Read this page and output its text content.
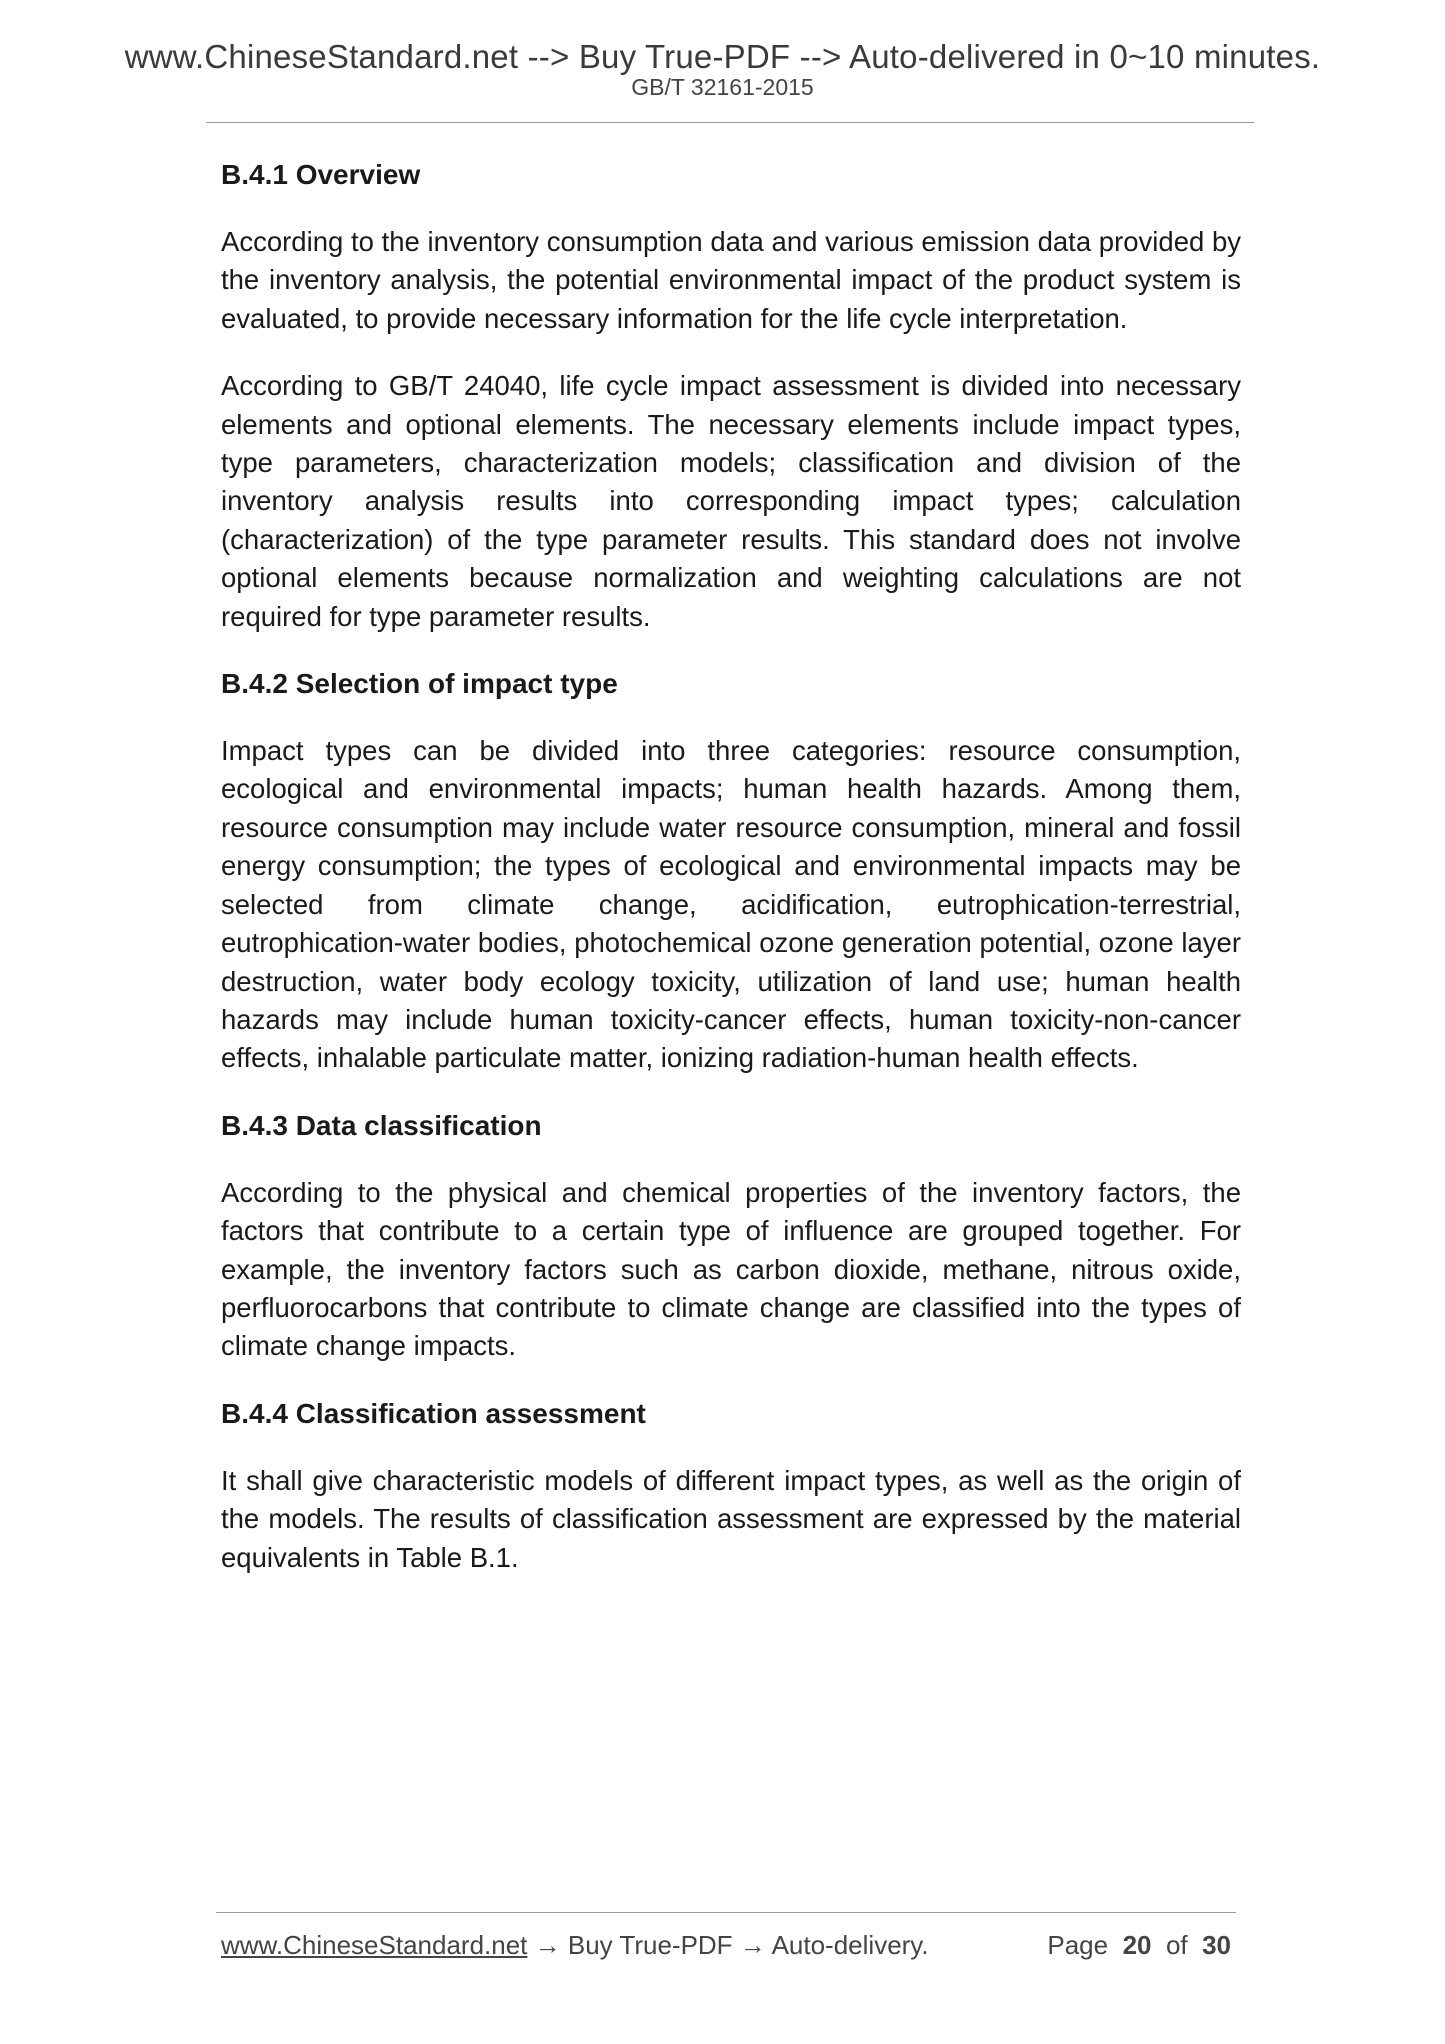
www.ChineseStandard.net --> Buy True-PDF --> Auto-delivered in 0~10 minutes.
GB/T 32161-2015
B.4.1 Overview

According to the inventory consumption data and various emission data provided by the inventory analysis, the potential environmental impact of the product system is evaluated, to provide necessary information for the life cycle interpretation.

According to GB/T 24040, life cycle impact assessment is divided into necessary elements and optional elements. The necessary elements include impact types, type parameters, characterization models; classification and division of the inventory analysis results into corresponding impact types; calculation (characterization) of the type parameter results. This standard does not involve optional elements because normalization and weighting calculations are not required for type parameter results.

B.4.2 Selection of impact type

Impact types can be divided into three categories: resource consumption, ecological and environmental impacts; human health hazards. Among them, resource consumption may include water resource consumption, mineral and fossil energy consumption; the types of ecological and environmental impacts may be selected from climate change, acidification, eutrophication-terrestrial, eutrophication-water bodies, photochemical ozone generation potential, ozone layer destruction, water body ecology toxicity, utilization of land use; human health hazards may include human toxicity-cancer effects, human toxicity-non-cancer effects, inhalable particulate matter, ionizing radiation-human health effects.

B.4.3 Data classification

According to the physical and chemical properties of the inventory factors, the factors that contribute to a certain type of influence are grouped together. For example, the inventory factors such as carbon dioxide, methane, nitrous oxide, perfluorocarbons that contribute to climate change are classified into the types of climate change impacts.

B.4.4 Classification assessment

It shall give characteristic models of different impact types, as well as the origin of the models. The results of classification assessment are expressed by the material equivalents in Table B.1.

www.ChineseStandard.net → Buy True-PDF → Auto-delivery.	Page 20 of 30
